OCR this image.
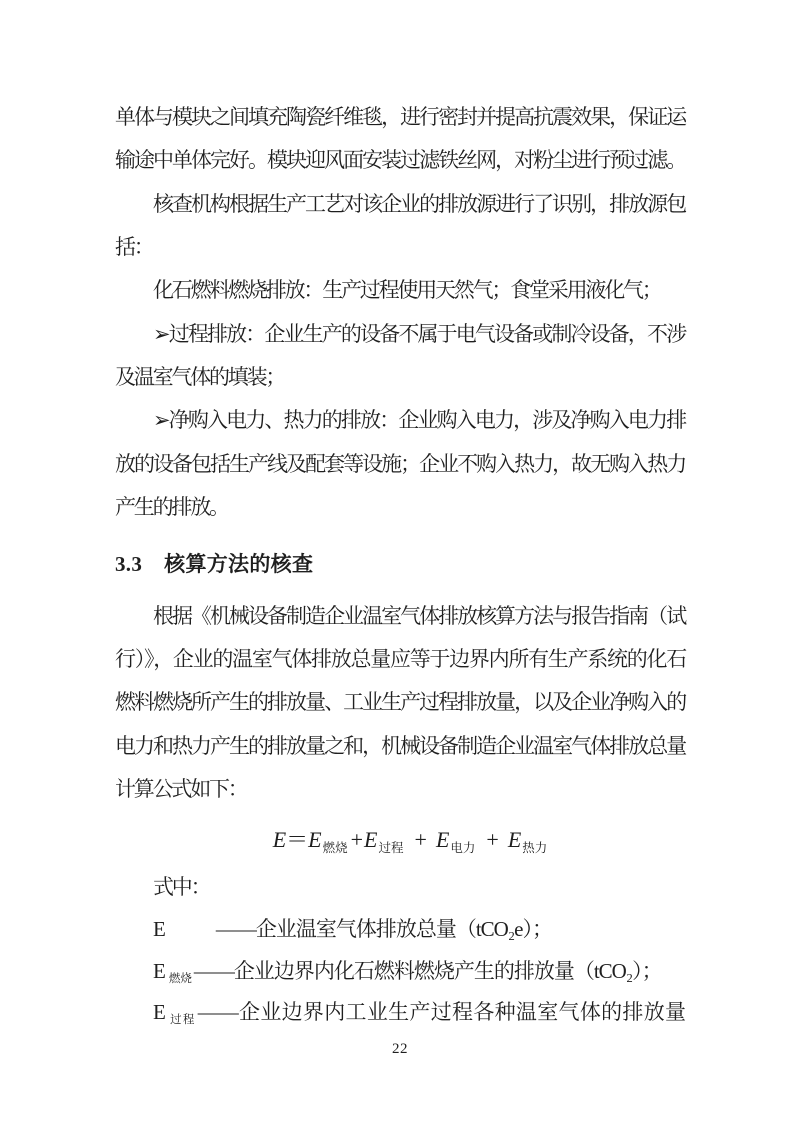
单体与模块之间填充陶瓷纤维毯，进行密封并提高抗震效果，保证运
输途中单体完好。模块迎风面安装过滤铁丝网，对粉尘进行预过滤。
核查机构根据生产工艺对该企业的排放源进行了识别，排放源包
括：
化石燃料燃烧排放：生产过程使用天然气；食堂采用液化气；
➢过程排放：企业生产的设备不属于电气设备或制冷设备，不涉
及温室气体的填装；
➢净购入电力、热力的排放：企业购入电力，涉及净购入电力排
放的设备包括生产线及配套等设施；企业不购入热力，故无购入热力
产生的排放。
3.3 核算方法的核查
根据《机械设备制造企业温室气体排放核算方法与报告指南（试
行）》，企业的温室气体排放总量应等于边界内所有生产系统的化石
燃料燃烧所产生的排放量、工业生产过程排放量，以及企业净购入的
电力和热力产生的排放量之和，机械设备制造企业温室气体排放总量
计算公式如下：
$E=E_{燃烧} +E_{过程} + E_{电力} + E_{热力}$
式中：
E ——企业温室气体排放总量（tCO₂e）；
E $_{燃烧}$——企业边界内化石燃料燃烧产生的排放量（tCO₂）；
E $_{过程}$——企业边界内工业生产过程各种温室气体的排放量
22
